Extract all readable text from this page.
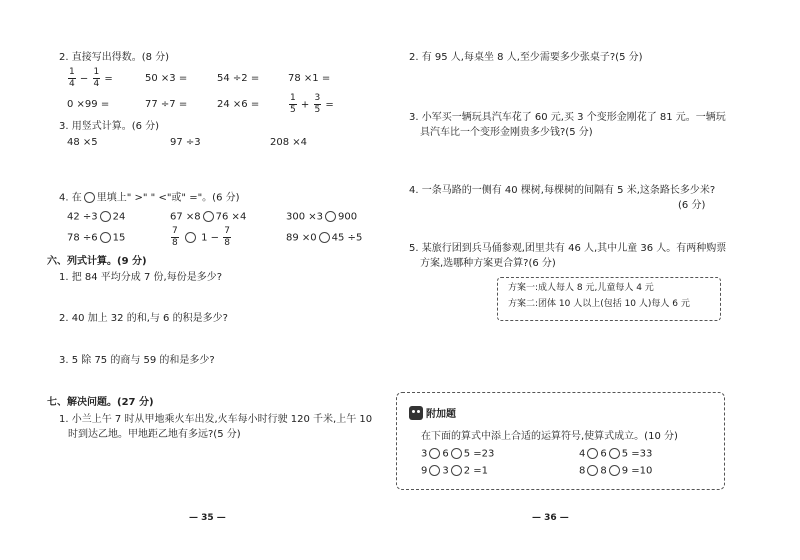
2. 直接写出得数。(8 分)
$\frac{1}{4} - \frac{1}{4}$ =	50 ×3 =	54 ÷2 =	78 ×1 =
0 ×99 =	77 ÷7 =	24 ×6 =	$\frac{1}{5} + \frac{3}{5}$ =
3. 用竖式计算。(6 分)
48 ×5	97 ÷3	208 ×4
4. 在 里填上" >" " <"或" ="。(6 分)
42 ÷3 24	67 ×8 76 ×4	300 ×3 900
78 ÷6 15	$\frac{7}{8} 1 - \frac{7}{8}$	89 ×0 45 ÷5
六、列式计算。(9 分)
1. 把 84 平均分成 7 份,每份是多少?
2. 40 加上 32 的和,与 6 的积是多少?
3. 5 除 75 的商与 59 的和是多少?
七、解决问题。(27 分)
1. 小兰上午 7 时从甲地乘火车出发,火车每小时行驶 120 千米,上午 10
时到达乙地。甲地距乙地有多远?(5 分)
— 35 —
2. 有 95 人,每桌坐 8 人,至少需要多少张桌子?(5 分)
3. 小军买一辆玩具汽车花了 60 元,买 3 个变形金刚花了 81 元。一辆玩
具汽车比一个变形金刚贵多少钱?(5 分)
4. 一条马路的一侧有 40 棵树,每棵树的间隔有 5 米,这条路长多少米?
(6 分)
5. 某旅行团到兵马俑参观,团里共有 46 人,其中儿童 36 人。有两种购票
方案,选哪种方案更合算?(6 分)
方案一:成人每人 8 元,儿童每人 4 元
方案二:团体 10 人以上(包括 10 人)每人 6 元
附加题
在下面的算式中添上合适的运算符号,使算式成立。(10 分)
3 6 5 =23	4 6 5 =33
9 3 2 =1	8 8 9 =10
— 36 —
